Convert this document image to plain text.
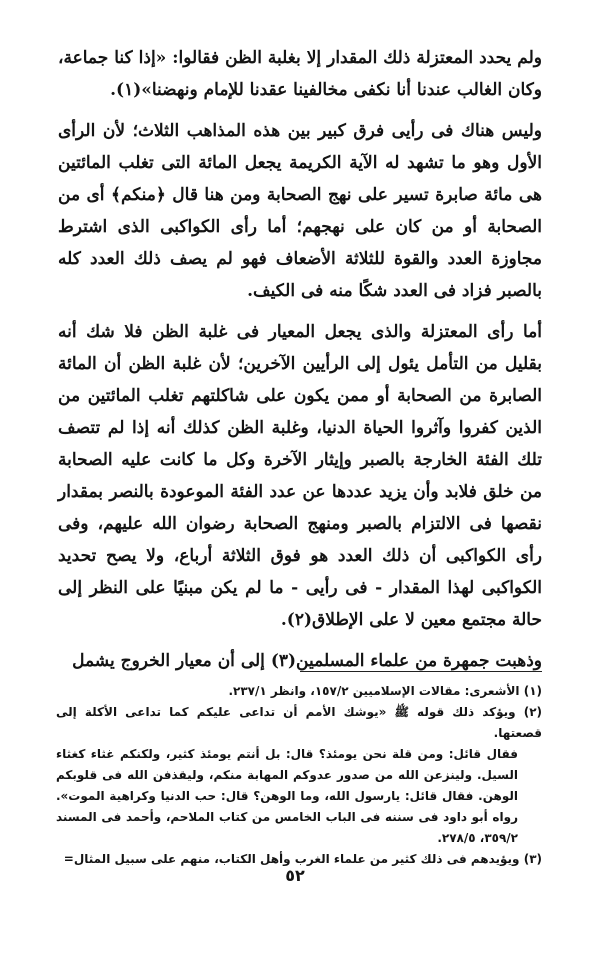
ولم يحدد المعتزلة ذلك المقدار إلا بغلبة الظن فقالوا: «إذا كنا جماعة، وكان الغالب عندنا أنا نكفى مخالفينا عقدنا للإمام ونهضنا»(١).

وليس هناك فى رأيى فرق كبير بين هذه المذاهب الثلاث؛ لأن الرأى الأول وهو ما تشهد له الآية الكريمة يجعل المائة التى تغلب المائتين هى مائة صابرة تسير على نهج الصحابة ومن هنا قال ﴿منكم﴾ أى من الصحابة أو من كان على نهجهم؛ أما رأى الكواكبى الذى اشترط مجاوزة العدد والقوة للثلاثة الأضعاف فهو لم يصف ذلك العدد كله بالصبر فزاد فى العدد شكًا منه فى الكيف.

أما رأى المعتزلة والذى يجعل المعيار فى غلبة الظن فلا شك أنه بقليل من التأمل يئول إلى الرأيين الآخرين؛ لأن غلبة الظن أن المائة الصابرة من الصحابة أو ممن يكون على شاكلتهم تغلب المائتين من الذين كفروا وآثروا الحياة الدنيا، وغلبة الظن كذلك أنه إذا لم تتصف تلك الفئة الخارجة بالصبر وإيثار الآخرة وكل ما كانت عليه الصحابة من خلق فلابد وأن يزيد عددها عن عدد الفئة الموعودة بالنصر بمقدار نقصها فى الالتزام بالصبر ومنهج الصحابة رضوان الله عليهم، وفى رأى الكواكبى أن ذلك العدد هو فوق الثلاثة أرباع، ولا يصح تحديد الكواكبى لهذا المقدار - فى رأيى - ما لم يكن مبنيًا على النظر إلى حالة مجتمع معين لا على الإطلاق(٢).

وذهبت جمهرة من علماء المسلمين(٣) إلى أن معيار الخروج يشمل

(١) الأشعرى: مقالات الإسلاميين ١٥٧/٢، وانظر ٢٣٧/١.

(٢) ويؤكد ذلك قوله ﷺ «يوشك الأمم أن تداعى عليكم كما تداعى الأكلة إلى قصعتها.

فقال قائل: ومن قلة نحن يومئذ؟ قال: بل أنتم يومئذ كثير، ولكنكم غثاء كغثاء السيل. ولينزعن الله من صدور عدوكم المهابة منكم، وليقذفن الله فى قلوبكم الوهن. فقال قائل: يارسول الله، وما الوهن؟ قال: حب الدنيا وكراهية الموت». رواه أبو داود فى سننه فى الباب الخامس من كتاب الملاحم، وأحمد فى المسند ٣٥٩/٢، ٢٧٨/٥.

(٣) ويؤيدهم فى ذلك كثير من علماء الغرب وأهل الكتاب، منهم على سبيل المثال=

٥٢
